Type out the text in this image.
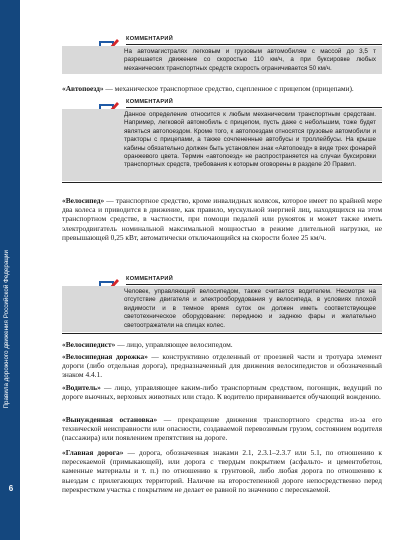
Правила дорожного движения Российской Федерации
6
КОММЕНТАРИЙ
На автомагистралях легковым и грузовым автомобилям с массой до 3,5 т разрешается движение со скоростью 110 км/ч, а при буксировке любых механических транспортных средств скорость ограничивается 50 км/ч.
«Автопоезд» — механическое транспортное средство, сцепленное с прицепом (прицепами).
КОММЕНТАРИЙ
Данное определение относится к любым механическим транспортным средствам. Например, легковой автомобиль с прицепом, пусть даже с небольшим, тоже будет являться автопоездом. Кроме того, к автопоездам относятся грузовые автомобили и тракторы с прицепами, а также сочлененные автобусы и троллейбусы. На крыше кабины обязательно должен быть установлен знак «Автопоезд» в виде трех фонарей оранжевого цвета. Термин «автопоезд» не распространяется на случаи буксировки транспортных средств, требования к которым оговорены в разделе 20 Правил.
«Велосипед» — транспортное средство, кроме инвалидных колясок, которое имеет по крайней мере два колеса и приводится в движение, как правило, мускульной энергией лиц, находящихся на этом транспортном средстве, в частности, при помощи педалей или рукояток и может также иметь электродвигатель номинальной максимальной мощностью в режиме длительной нагрузки, не превышающей 0,25 кВт, автоматически отключающийся на скорости более 25 км/ч.
КОММЕНТАРИЙ
Человек, управляющий велосипедом, также считается водителем. Несмотря на отсутствие двигателя и электрооборудования у велосипеда, в условиях плохой видимости и в темное время суток он должен иметь соответствующее светотехническое оборудование: переднюю и заднюю фары и желательно светоотражатели на спицах колес.
«Велосипедист» — лицо, управляющее велосипедом.
«Велосипедная дорожка» — конструктивно отделенный от проезжей части и тротуара элемент дороги (либо отдельная дорога), предназначенный для движения велосипедистов и обозначенный знаком 4.4.1.
«Водитель» — лицо, управляющее каким-либо транспортным средством, погонщик, ведущий по дороге вьючных, верховых животных или стадо. К водителю приравнивается обучающий вождению.
«Вынужденная остановка» — прекращение движения транспортного средства из-за его технической неисправности или опасности, создаваемой перевозимым грузом, состоянием водителя (пассажира) или появлением препятствия на дороге.
«Главная дорога» — дорога, обозначенная знаками 2.1, 2.3.1–2.3.7 или 5.1, по отношению к пересекаемой (примыкающей), или дорога с твердым покрытием (асфальто- и цементобетон, каменные материалы и т. п.) по отношению к грунтовой, либо любая дорога по отношению к выездам с прилегающих территорий. Наличие на второстепенной дороге непосредственно перед перекрестком участка с покрытием не делает ее равной по значению с пересекаемой.
